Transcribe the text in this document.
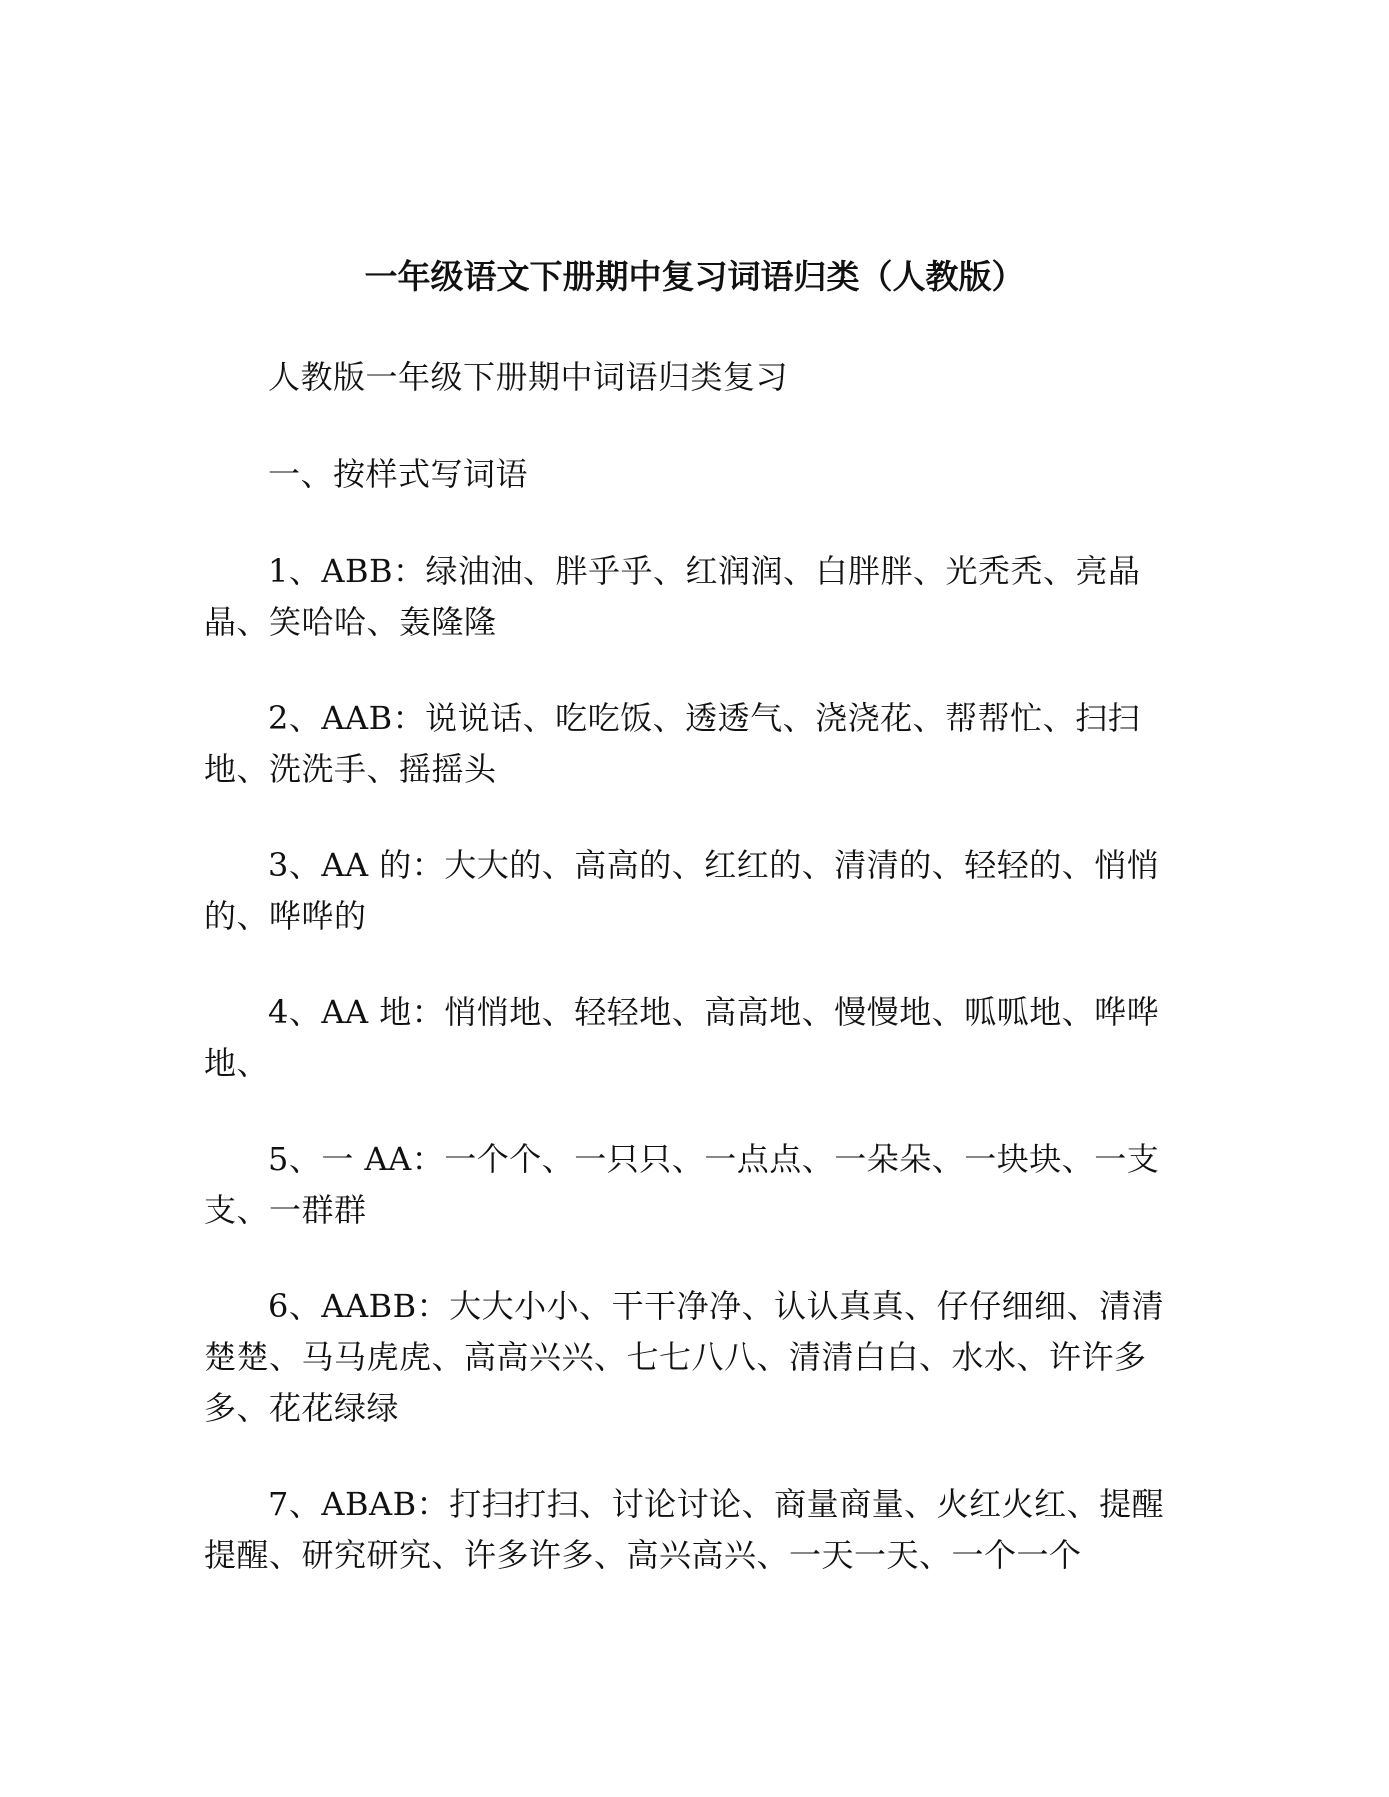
一年级语文下册期中复习词语归类（人教版）

人教版一年级下册期中词语归类复习

一、按样式写词语

1、ABB：绿油油、胖乎乎、红润润、白胖胖、光秃秃、亮晶晶、笑哈哈、轰隆隆

2、AAB：说说话、吃吃饭、透透气、浇浇花、帮帮忙、扫扫地、洗洗手、摇摇头

3、AA 的：大大的、高高的、红红的、清清的、轻轻的、悄悄的、哗哗的

4、AA 地：悄悄地、轻轻地、高高地、慢慢地、呱呱地、哗哗地、

5、一 AA：一个个、一只只、一点点、一朵朵、一块块、一支支、一群群

6、AABB：大大小小、干干净净、认认真真、仔仔细细、清清楚楚、马马虎虎、高高兴兴、七七八八、清清白白、水水、许许多多、花花绿绿

7、ABAB：打扫打扫、讨论讨论、商量商量、火红火红、提醒提醒、研究研究、许多许多、高兴高兴、一天一天、一个一个
